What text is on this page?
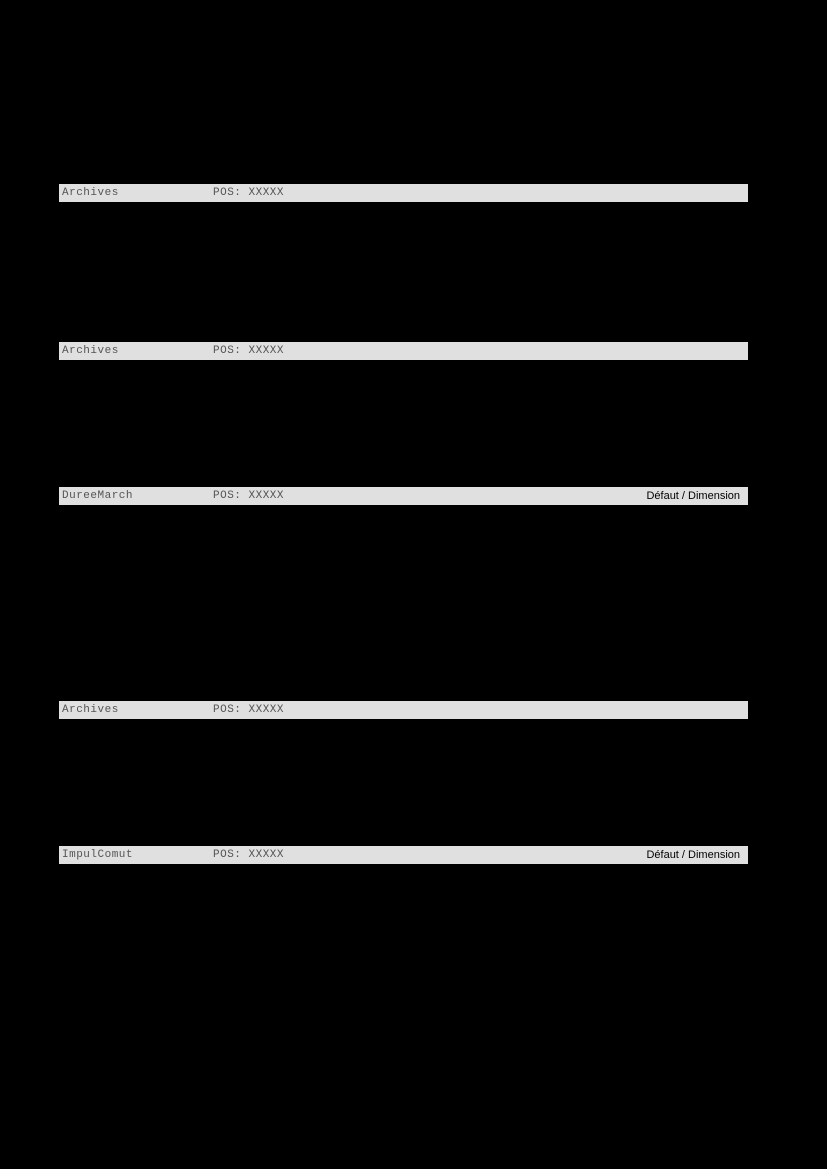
Archives	POS: XXXXX
Archives	POS: XXXXX
DureeMarch	POS: XXXXX	Défaut / Dimension
Archives	POS: XXXXX
ImpulComut	POS: XXXXX	Défaut / Dimension
